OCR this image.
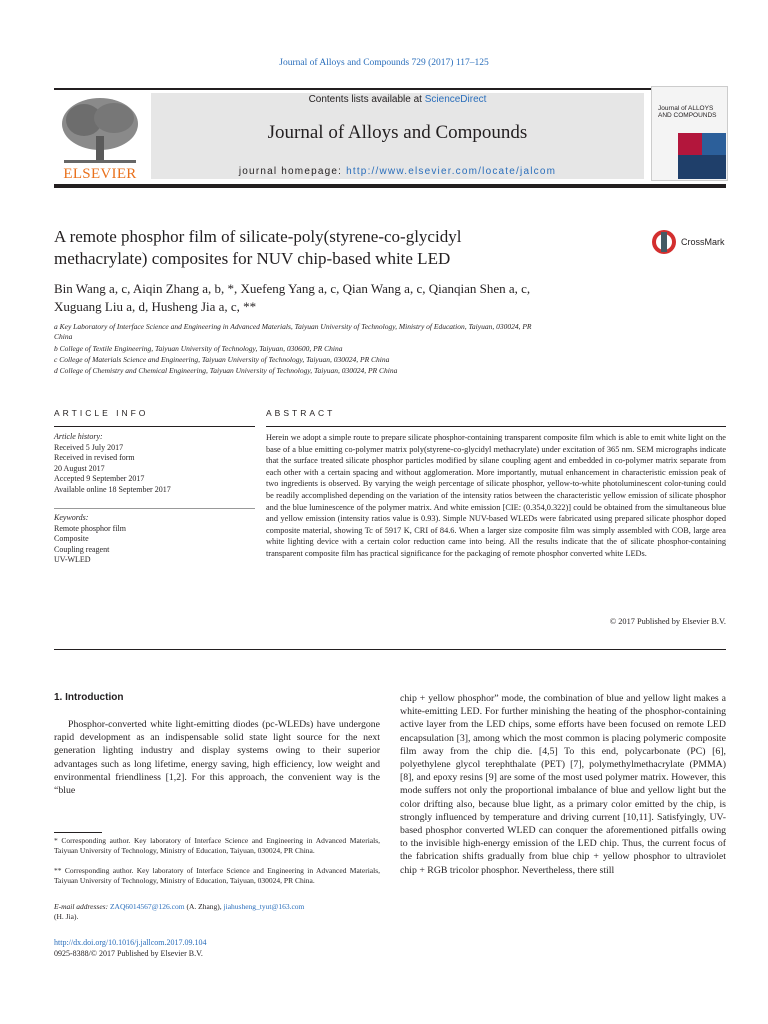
Journal of Alloys and Compounds 729 (2017) 117–125
ELSEVIER
Contents lists available at ScienceDirect
Journal of Alloys and Compounds
journal homepage: http://www.elsevier.com/locate/jalcom
Journal of ALLOYS AND COMPOUNDS
A remote phosphor film of silicate-poly(styrene-co-glycidyl
methacrylate) composites for NUV chip-based white LED
CrossMark
Bin Wang a, c, Aiqin Zhang a, b, *, Xuefeng Yang a, c, Qian Wang a, c, Qianqian Shen a, c,
Xuguang Liu a, d, Husheng Jia a, c, **
a Key Laboratory of Interface Science and Engineering in Advanced Materials, Taiyuan University of Technology, Ministry of Education, Taiyuan, 030024, PR
China
b College of Textile Engineering, Taiyuan University of Technology, Taiyuan, 030600, PR China
c College of Materials Science and Engineering, Taiyuan University of Technology, Taiyuan, 030024, PR China
d College of Chemistry and Chemical Engineering, Taiyuan University of Technology, Taiyuan, 030024, PR China
ARTICLE INFO
Article history:
Received 5 July 2017
Received in revised form
20 August 2017
Accepted 9 September 2017
Available online 18 September 2017
Keywords:
Remote phosphor film
Composite
Coupling reagent
UV-WLED
ABSTRACT
Herein we adopt a simple route to prepare silicate phosphor-containing transparent composite film which is able to emit white light on the base of a blue emitting co-polymer matrix poly(styrene-co-glycidyl methacrylate) under excitation of 365 nm. SEM micrographs indicate that the surface treated silicate phosphor particles modified by silane coupling agent and embedded in co-polymer matrix separate from each other with a certain spacing and without agglomeration. More importantly, mutual enhancement in characteristic emission peak of two ingredients is observed. By varying the weigh percentage of silicate phosphor, yellow-to-white photoluminescent color-tuning could be readily accomplished depending on the variation of the intensity ratios between the characteristic yellow emission of silicate phosphor and the blue luminescence of the polymer matrix. And white emission [CIE: (0.354,0.322)] could be obtained from the simultaneous blue and yellow emission (intensity ratios value is 0.93). Simple NUV-based WLEDs were fabricated using prepared silicate phosphor doped composite material, showing Tc of 5917 K, CRI of 84.6. When a larger size composite film was simply assembled with COB, large area white lighting device with a certain color reduction came into being. All the results indicate that the of silicate phosphor-containing transparent composite film has practical significance for the packaging of remote phosphor converted white LEDs.
© 2017 Published by Elsevier B.V.
1. Introduction
Phosphor-converted white light-emitting diodes (pc-WLEDs) have undergone rapid development as an indispensable solid state light source for the next generation lighting industry and display systems owing to their superior advantages such as long lifetime, energy saving, high efficiency, low weight and environmental friendliness [1,2]. For this approach, the convenient way is the “blue
chip + yellow phosphor” mode, the combination of blue and yellow light makes a white-emitting LED. For further minishing the heating of the phosphor-containing active layer from the LED chips, some efforts have been focused on remote LED encapsulation [3], among which the most common is placing polymeric composite film away from the chip die. [4,5] To this end, polycarbonate (PC) [6], polyethylene glycol terephthalate (PET) [7], polymethylmethacrylate (PMMA) [8], and epoxy resins [9] are some of the most used polymer matrix. However, this mode suffers not only the proportional imbalance of blue and yellow light but the color drifting also, because blue light, as a primary color emitted by the chip, is strongly influenced by temperature and driving current [10,11]. Satisfyingly, UV-based phosphor converted WLED can conquer the aforementioned pitfalls owing to the invisible high-energy emission of the LED chip. Thus, the current focus of the fabrication shifts gradually from blue chip + yellow phosphor to ultraviolet chip + RGB tricolor phosphor. Nevertheless, there still
* Corresponding author. Key laboratory of Interface Science and Engineering in Advanced Materials, Taiyuan University of Technology, Ministry of Education, Taiyuan, 030024, PR China.
** Corresponding author. Key laboratory of Interface Science and Engineering in Advanced Materials, Taiyuan University of Technology, Ministry of Education, Taiyuan, 030024, PR China.
E-mail addresses: ZAQ6014567@126.com (A. Zhang), jiahusheng_tyut@163.com
(H. Jia).
http://dx.doi.org/10.1016/j.jallcom.2017.09.104
0925-8388/© 2017 Published by Elsevier B.V.
